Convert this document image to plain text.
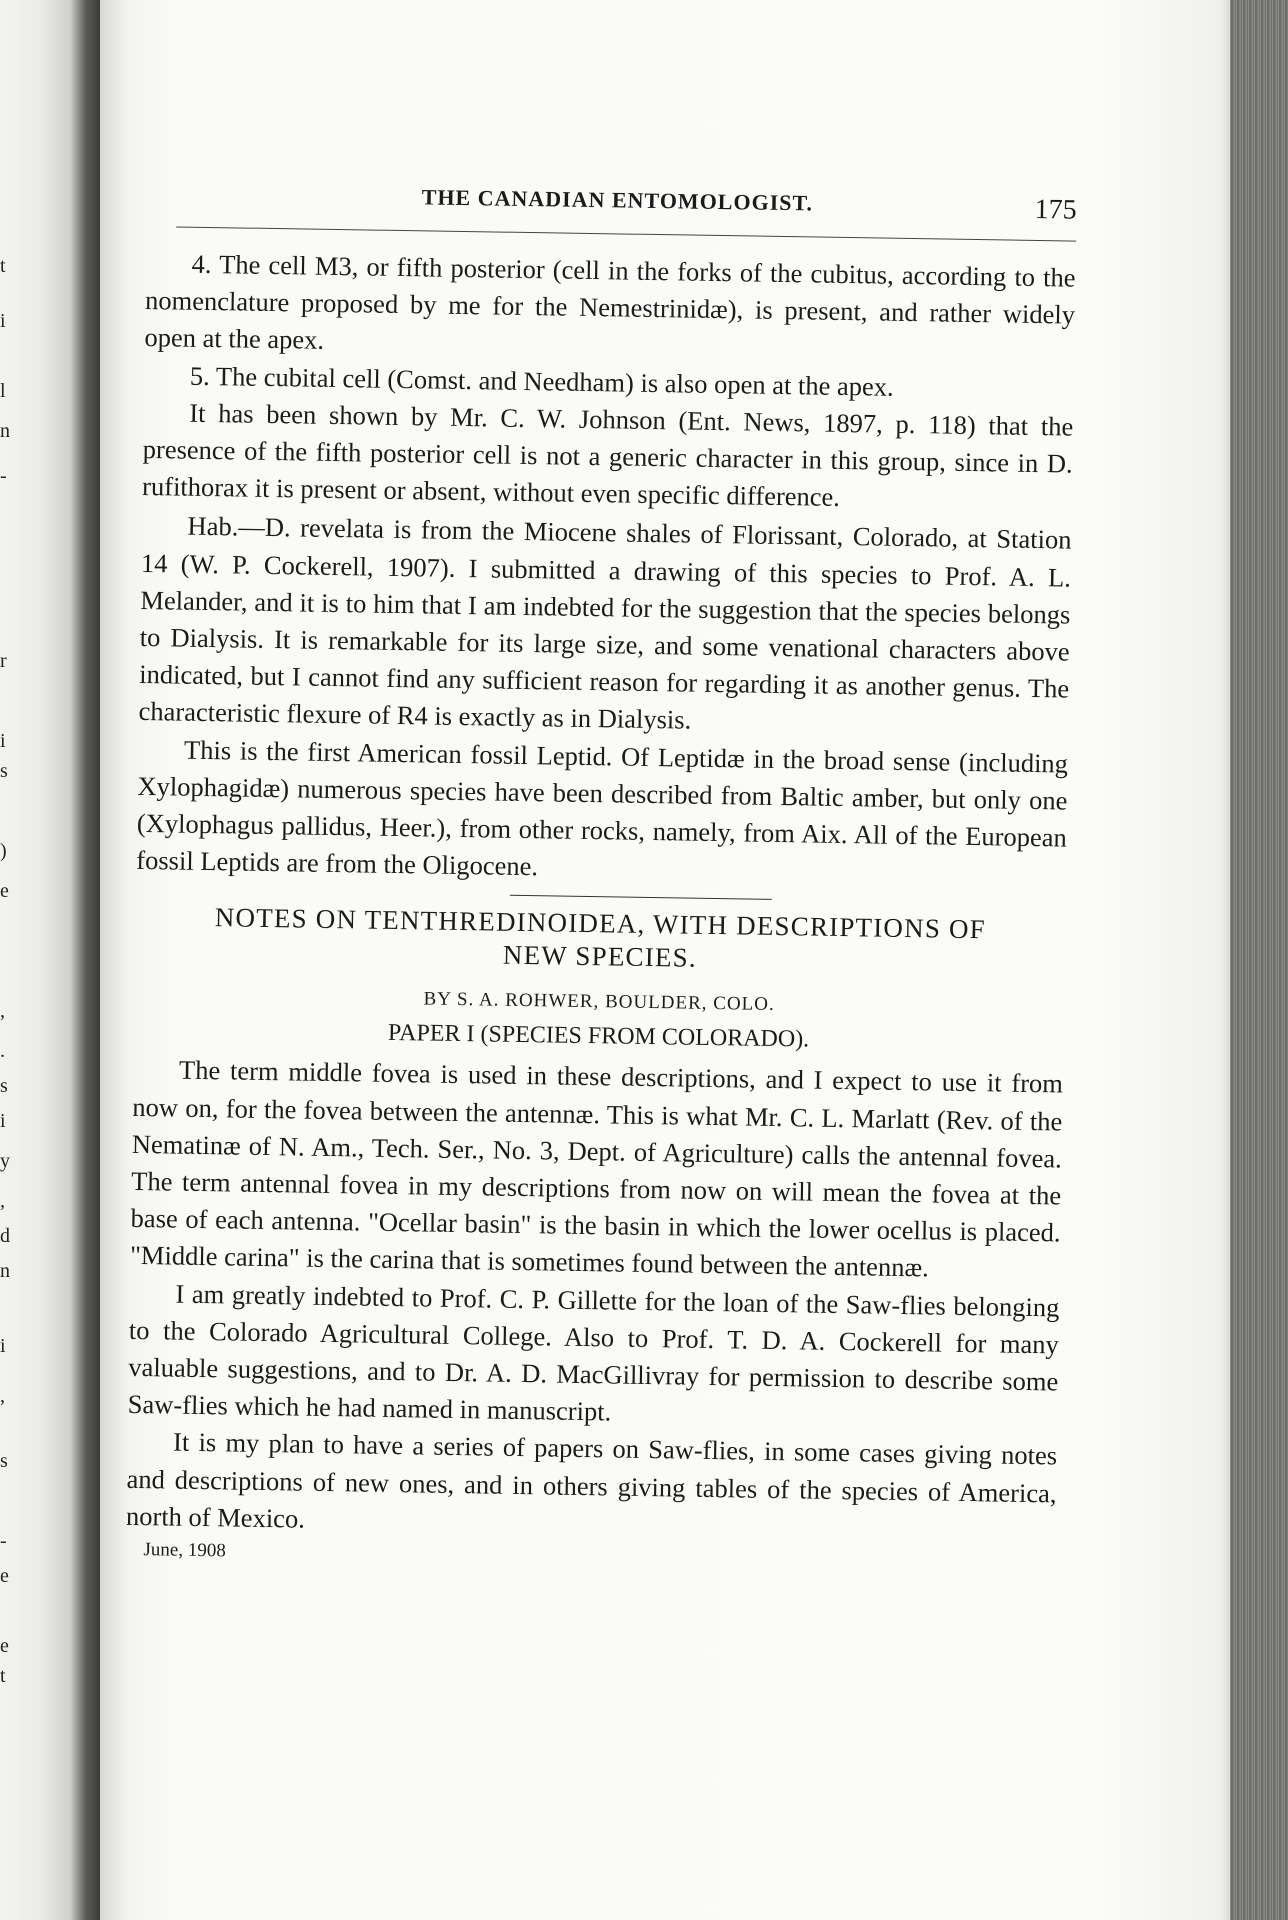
t
i
l
n
-
r
i
s
)
e
,
.
s
i
y
,
d
n
i
,
s
-
e
e
t
THE CANADIAN ENTOMOLOGIST.	175

4. The cell M3, or fifth posterior (cell in the forks of the cubitus, according to the nomenclature proposed by me for the Nemestrinidæ), is present, and rather widely open at the apex.

5. The cubital cell (Comst. and Needham) is also open at the apex.

It has been shown by Mr. C. W. Johnson (Ent. News, 1897, p. 118) that the presence of the fifth posterior cell is not a generic character in this group, since in D. rufithorax it is present or absent, without even specific difference.

Hab.—D. revelata is from the Miocene shales of Florissant, Colorado, at Station 14 (W. P. Cockerell, 1907). I submitted a drawing of this species to Prof. A. L. Melander, and it is to him that I am indebted for the suggestion that the species belongs to Dialysis. It is remarkable for its large size, and some venational characters above indicated, but I cannot find any sufficient reason for regarding it as another genus. The characteristic flexure of R4 is exactly as in Dialysis.

This is the first American fossil Leptid. Of Leptidæ in the broad sense (including Xylophagidæ) numerous species have been described from Baltic amber, but only one (Xylophagus pallidus, Heer.), from other rocks, namely, from Aix. All of the European fossil Leptids are from the Oligocene.

NOTES ON TENTHREDINOIDEA, WITH DESCRIPTIONS OF
NEW SPECIES.
BY S. A. ROHWER, BOULDER, COLO.
PAPER I (SPECIES FROM COLORADO).

The term middle fovea is used in these descriptions, and I expect to use it from now on, for the fovea between the antennæ. This is what Mr. C. L. Marlatt (Rev. of the Nematinæ of N. Am., Tech. Ser., No. 3, Dept. of Agriculture) calls the antennal fovea. The term antennal fovea in my descriptions from now on will mean the fovea at the base of each antenna. "Ocellar basin" is the basin in which the lower ocellus is placed. "Middle carina" is the carina that is sometimes found between the antennæ.

I am greatly indebted to Prof. C. P. Gillette for the loan of the Saw-flies belonging to the Colorado Agricultural College. Also to Prof. T. D. A. Cockerell for many valuable suggestions, and to Dr. A. D. MacGillivray for permission to describe some Saw-flies which he had named in manuscript.

It is my plan to have a series of papers on Saw-flies, in some cases giving notes and descriptions of new ones, and in others giving tables of the species of America, north of Mexico.

June, 1908
